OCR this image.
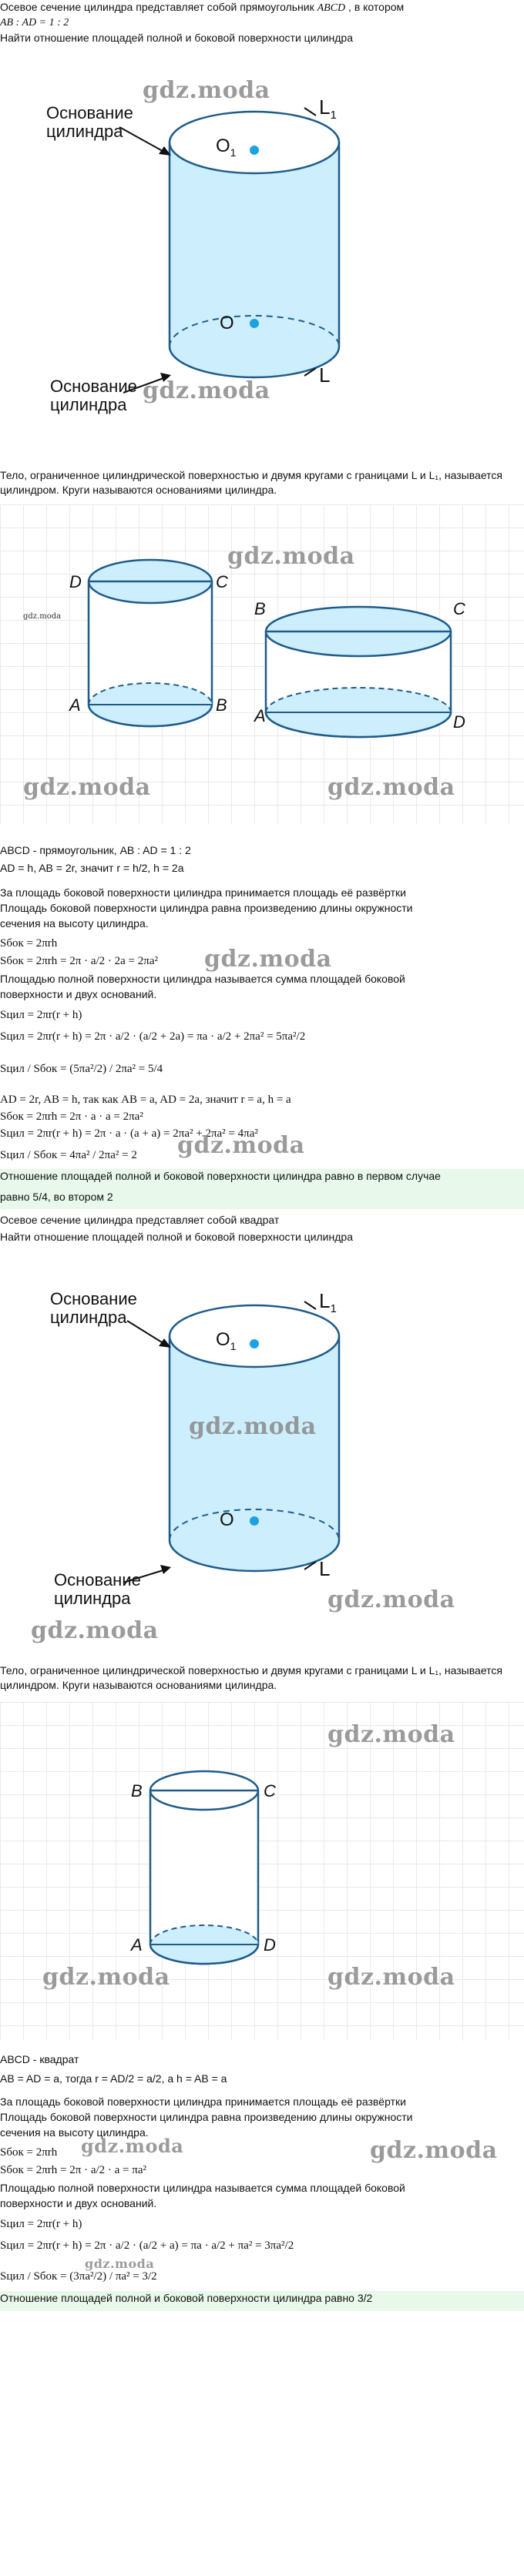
Осевое сечение цилиндра представляет собой прямоугольник ABCD , в котором
AB : AD = 1 : 2
Найти отношение площадей полной и боковой поверхности цилиндра
Основание
цилиндра
Основание
цилиндра
$O_1$
O
$L_1$
L
gdz.moda
gdz.moda
Тело, ограниченное цилиндрической поверхностью и двумя кругами с границами L и L₁, называется цилиндром. Круги называются основаниями цилиндра.
D	C
A	B
B	C
A	D
gdz.moda
gdz.moda
gdz.moda	gdz.moda
ABCD - прямоугольник, AB : AD = 1 : 2
AD = h, AB = 2r, значит r = h/2, h = 2a
За площадь боковой поверхности цилиндра принимается площадь её развёртки
Площадь боковой поверхности цилиндра равна произведению длины окружности
сечения на высоту цилиндра.
Sбок = 2πrh
Sбок = 2πrh = 2π · a/2 · 2a = 2πa² gdz.moda
Площадью полной поверхности цилиндра называется сумма площадей боковой
поверхности и двух оснований.
Sцил = 2πr(r + h)
Sцил = 2πr(r + h) = 2π · a/2 · (a/2 + 2a) = πa · a/2 + 2πa² = 5πa²/2
Sцил / Sбок = (5πa²/2) / 2πa² = 5/4
AD = 2r, AB = h, так как AB = a, AD = 2a, значит r = a, h = a
Sбок = 2πrh = 2π · a · a = 2πa²
Sцил = 2πr(r + h) = 2π · a · (a + a) = 2πa² + 2πa² = 4πa²
Sцил / Sбок = 4πa² / 2πa² = 2 gdz.moda
Отношение площадей полной и боковой поверхности цилиндра равно в первом случае
равно 5/4, во втором 2
Осевое сечение цилиндра представляет собой квадрат
Найти отношение площадей полной и боковой поверхности цилиндра
Основание
цилиндра
Основание
цилиндра
$O_1$
O
$L_1$
L
gdz.moda
gdz.moda
gdz.moda
Тело, ограниченное цилиндрической поверхностью и двумя кругами с границами L и L₁, называется цилиндром. Круги называются основаниями цилиндра.
B	C
A	D
gdz.moda
gdz.moda	gdz.moda
ABCD - квадрат
AB = AD = a, тогда r = AD/2 = a/2, а h = AB = a
За площадь боковой поверхности цилиндра принимается площадь её развёртки
Площадь боковой поверхности цилиндра равна произведению длины окружности
сечения на высоту цилиндра.
Sбок = 2πrh
Sбок = 2πrh = 2π · a/2 · a = πa²
gdz.moda	gdz.moda
Площадью полной поверхности цилиндра называется сумма площадей боковой
поверхности и двух оснований.
Sцил = 2πr(r + h)
Sцил = 2πr(r + h) = 2π · a/2 · (a/2 + a) = πa · a/2 + πa² = 3πa²/2
Sцил / Sбок = (3πa²/2) / πa² = 3/2
gdz.moda
Отношение площадей полной и боковой поверхности цилиндра равно 3/2
